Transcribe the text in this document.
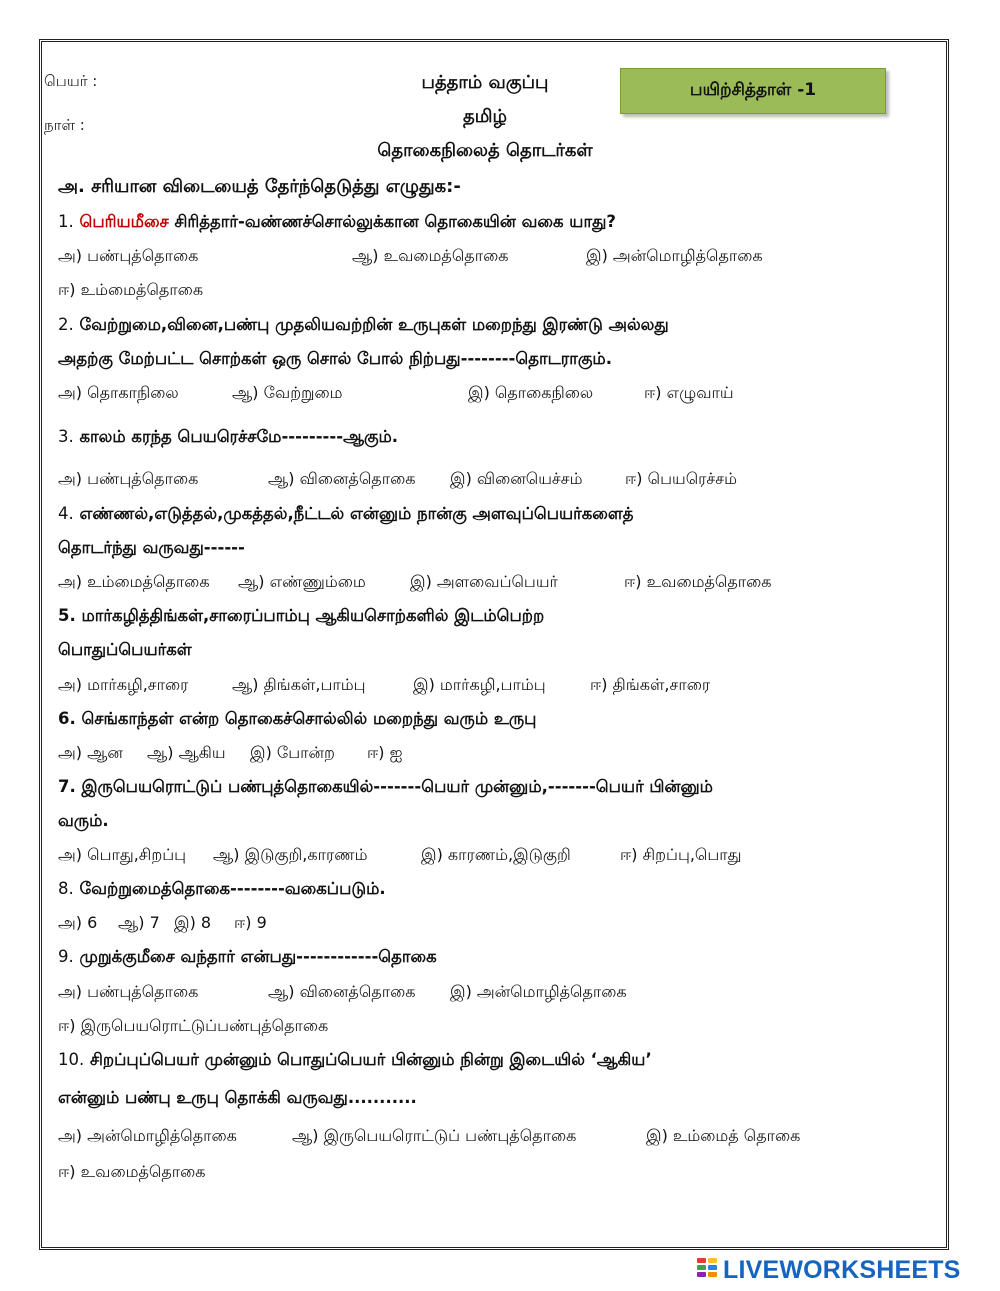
பெயர் :
நாள் :
பத்தாம் வகுப்பு
தமிழ்
தொகைநிலைத் தொடர்கள்
பயிற்சித்தாள் -1
அ. சரியான விடையைத் தேர்ந்தெடுத்து எழுதுக:-
1. பெரியமீசை சிரித்தார்-வண்ணச்சொல்லுக்கான தொகையின் வகை யாது?
அ) பண்புத்தொகை	ஆ) உவமைத்தொகை	இ) அன்மொழித்தொகை
ஈ) உம்மைத்தொகை
2. வேற்றுமை,வினை,பண்பு முதலியவற்றின் உருபுகள் மறைந்து இரண்டு அல்லது
அதற்கு மேற்பட்ட சொற்கள் ஒரு சொல் போல் நிற்பது--------தொடராகும்.
அ) தொகாநிலை	ஆ) வேற்றுமை	இ) தொகைநிலை	ஈ) எழுவாய்
3. காலம் கரந்த பெயரெச்சமே---------ஆகும்.
அ) பண்புத்தொகை	ஆ) வினைத்தொகை இ) வினையெச்சம்	ஈ) பெயரெச்சம்
4. எண்ணல்,எடுத்தல்,முகத்தல்,நீட்டல் என்னும் நான்கு அளவுப்பெயர்களைத்
தொடர்ந்து வருவது------
அ) உம்மைத்தொகை ஆ) எண்ணும்மை	இ) அளவைப்பெயர்	ஈ) உவமைத்தொகை
5. மார்கழித்திங்கள்,சாரைப்பாம்பு ஆகியசொற்களில் இடம்பெற்ற
பொதுப்பெயர்கள்
அ) மார்கழி,சாரை	ஆ) திங்கள்,பாம்பு	இ) மார்கழி,பாம்பு	ஈ) திங்கள்,சாரை
6. செங்காந்தள் என்ற தொகைச்சொல்லில் மறைந்து வரும் உருபு
அ) ஆன ஆ) ஆகிய இ) போன்ற ஈ) ஐ
7. இருபெயரொட்டுப் பண்புத்தொகையில்-------பெயர் முன்னும்,-------பெயர் பின்னும்
வரும்.
அ) பொது,சிறப்பு ஆ) இடுகுறி,காரணம்	இ) காரணம்,இடுகுறி	ஈ) சிறப்பு,பொது
8. வேற்றுமைத்தொகை--------வகைப்படும்.
அ) 6 ஆ) 7 இ) 8 ஈ) 9
9. முறுக்குமீசை வந்தார் என்பது------------தொகை
அ) பண்புத்தொகை	ஆ) வினைத்தொகை இ) அன்மொழித்தொகை
ஈ) இருபெயரொட்டுப்பண்புத்தொகை
10. சிறப்புப்பெயர் முன்னும் பொதுப்பெயர் பின்னும் நின்று இடையில் ‘ஆகிய’
என்னும் பண்பு உருபு தொக்கி வருவது...........
அ) அன்மொழித்தொகை	ஆ) இருபெயரொட்டுப் பண்புத்தொகை	இ) உம்மைத் தொகை
ஈ) உவமைத்தொகை
LIVEWORKSHEETS
